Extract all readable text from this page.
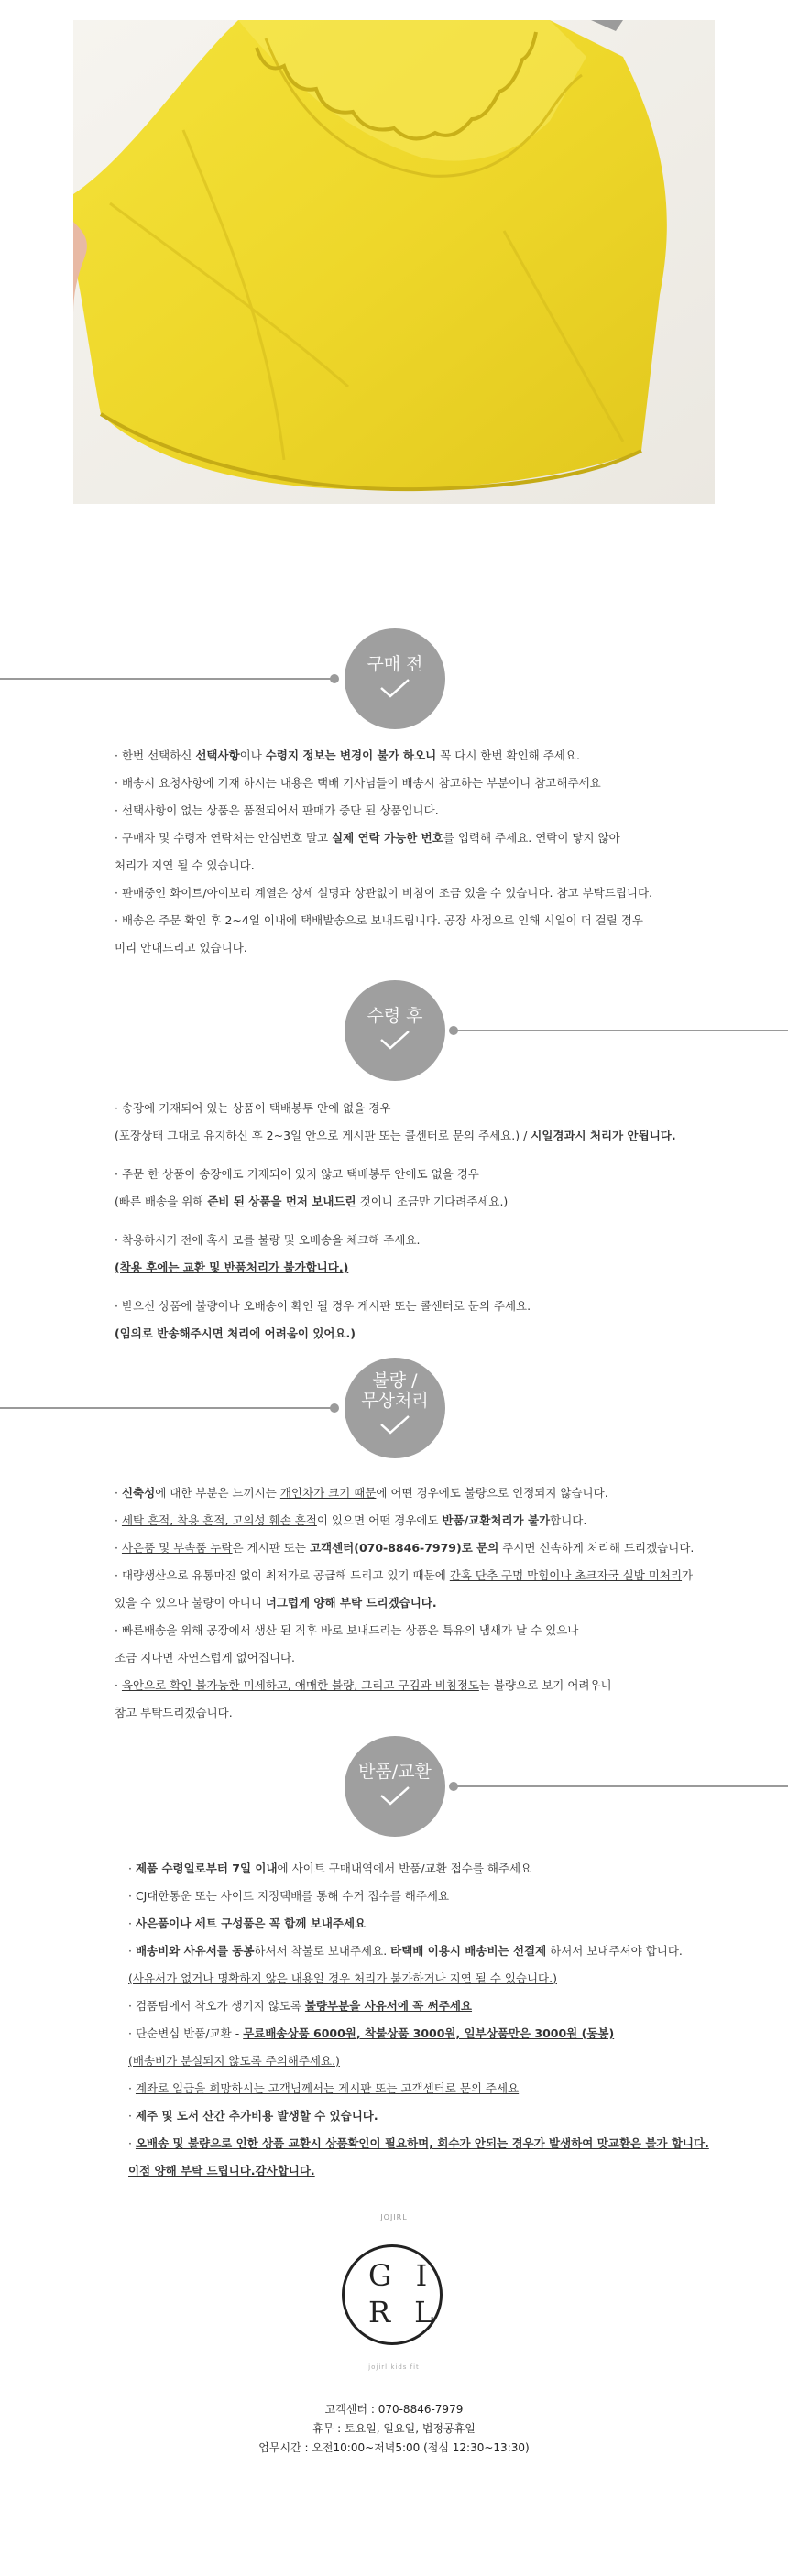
구매 전
· 한번 선택하신 선택사항이나 수령지 정보는 변경이 불가 하오니 꼭 다시 한번 확인해 주세요.
· 배송시 요청사항에 기재 하시는 내용은 택배 기사님들이 배송시 참고하는 부분이니 참고해주세요
· 선택사항이 없는 상품은 품절되어서 판매가 중단 된 상품입니다.
· 구매자 및 수령자 연락처는 안심번호 말고 실제 연락 가능한 번호를 입력해 주세요. 연락이 닿지 않아
처리가 지연 될 수 있습니다.
· 판매중인 화이트/아이보리 계열은 상세 설명과 상관없이 비침이 조금 있을 수 있습니다. 참고 부탁드립니다.
· 배송은 주문 확인 후 2~4일 이내에 택배발송으로 보내드립니다. 공장 사정으로 인해 시일이 더 걸릴 경우
미리 안내드리고 있습니다.
수령 후
· 송장에 기재되어 있는 상품이 택배봉투 안에 없을 경우
(포장상태 그대로 유지하신 후 2~3일 안으로 게시판 또는 콜센터로 문의 주세요.) / 시일경과시 처리가 안됩니다.
· 주문 한 상품이 송장에도 기재되어 있지 않고 택배봉투 안에도 없을 경우
(빠른 배송을 위해 준비 된 상품을 먼저 보내드린 것이니 조금만 기다려주세요.)
· 착용하시기 전에 혹시 모를 불량 및 오배송을 체크해 주세요.
(착용 후에는 교환 및 반품처리가 불가합니다.)
· 받으신 상품에 불량이나 오배송이 확인 될 경우 게시판 또는 콜센터로 문의 주세요.
(임의로 반송해주시면 처리에 어려움이 있어요.)
불량 /
무상처리
· 신축성에 대한 부분은 느끼시는 개인차가 크기 때문에 어떤 경우에도 불량으로 인정되지 않습니다.
· 세탁 흔적, 착용 흔적, 고의성 훼손 흔적이 있으면 어떤 경우에도 반품/교환처리가 불가합니다.
· 사은품 및 부속품 누락은 게시판 또는 고객센터(070-8846-7979)로 문의 주시면 신속하게 처리해 드리겠습니다.
· 대량생산으로 유통마진 없이 최저가로 공급해 드리고 있기 때문에 간혹 단추 구멍 막힘이나 초크자국 실밥 미처리가
있을 수 있으나 불량이 아니니 너그럽게 양해 부탁 드리겠습니다.
· 빠른배송을 위해 공장에서 생산 된 직후 바로 보내드리는 상품은 특유의 냄새가 날 수 있으나
조금 지나면 자연스럽게 없어집니다.
· 육안으로 확인 불가능한 미세하고, 애매한 불량, 그리고 구김과 비침정도는 불량으로 보기 어려우니
참고 부탁드리겠습니다.
반품/교환
· 제품 수령일로부터 7일 이내에 사이트 구매내역에서 반품/교환 접수를 해주세요
· CJ대한통운 또는 사이트 지정택배를 통해 수거 접수를 해주세요
· 사은품이나 세트 구성품은 꼭 함께 보내주세요
· 배송비와 사유서를 동봉하셔서 착불로 보내주세요. 타택배 이용시 배송비는 선결제 하셔서 보내주셔야 합니다.
(사유서가 없거나 명확하지 않은 내용일 경우 처리가 불가하거나 지연 될 수 있습니다.)
· 검품팀에서 착오가 생기지 않도록 불량부분을 사유서에 꼭 써주세요
· 단순변심 반품/교환 - 무료배송상품 6000원, 착불상품 3000원, 일부상품만은 3000원 (동봉)
(배송비가 분실되지 않도록 주의해주세요.)
· 계좌로 입금을 희망하시는 고객님께서는 게시판 또는 고객센터로 문의 주세요
· 제주 및 도서 산간 추가비용 발생할 수 있습니다.
· 오배송 및 불량으로 인한 상품 교환시 상품확인이 필요하며, 회수가 안되는 경우가 발생하여 맞교환은 불가 합니다.
이점 양해 부탁 드립니다.감사합니다.
JOJIRL
GI
RL
jojirl kids fit
고객센터 : 070-8846-7979
휴무 : 토요일, 일요일, 법정공휴일
업무시간 : 오전10:00~저녁5:00 (점심 12:30~13:30)
